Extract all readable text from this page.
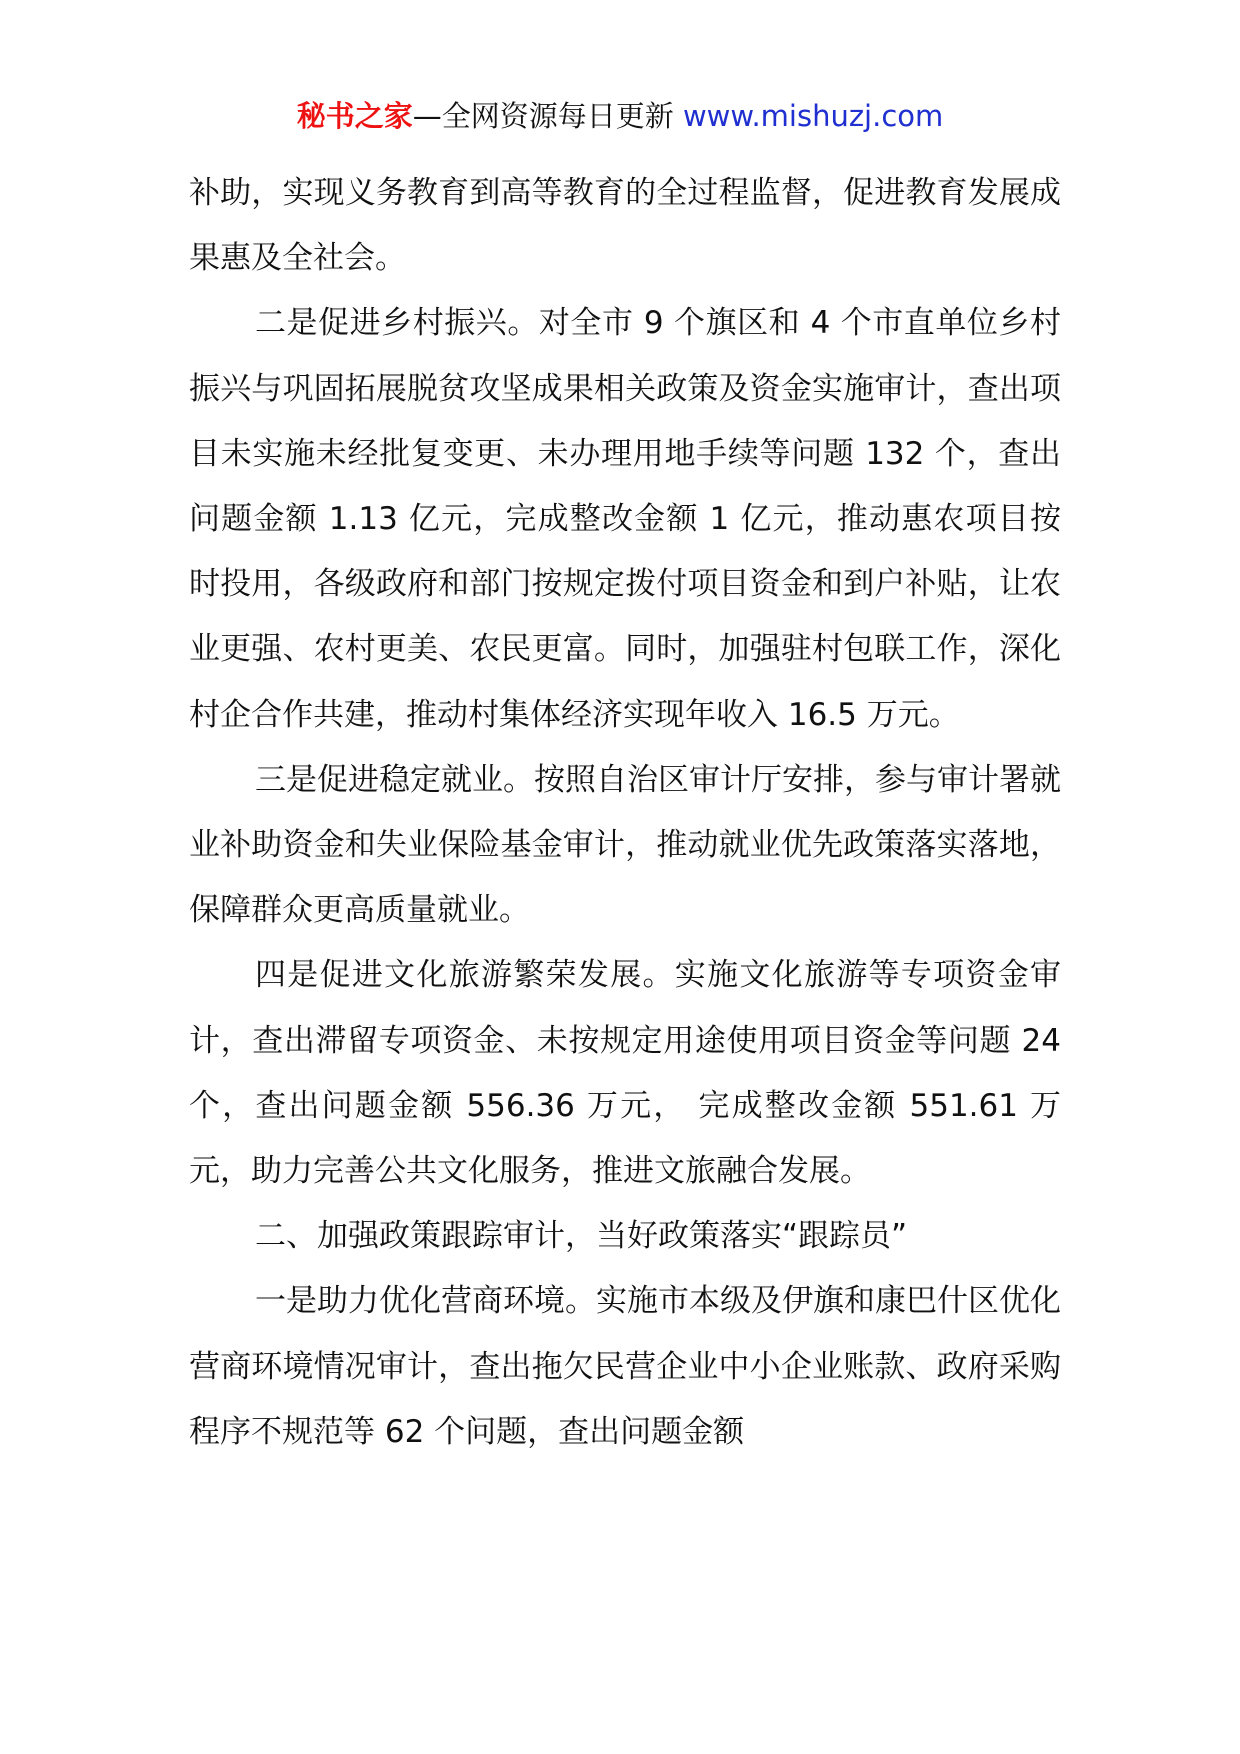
秘书之家—全网资源每日更新 www.mishuzj.com

补助，实现义务教育到高等教育的全过程监督，促进教育发展成果惠及全社会。

二是促进乡村振兴。对全市 9 个旗区和 4 个市直单位乡村振兴与巩固拓展脱贫攻坚成果相关政策及资金实施审计，查出项目未实施未经批复变更、未办理用地手续等问题 132 个，查出问题金额 1.13 亿元，完成整改金额 1 亿元，推动惠农项目按时投用，各级政府和部门按规定拨付项目资金和到户补贴，让农业更强、农村更美、农民更富。同时，加强驻村包联工作，深化村企合作共建，推动村集体经济实现年收入 16.5 万元。

三是促进稳定就业。按照自治区审计厅安排，参与审计署就业补助资金和失业保险基金审计，推动就业优先政策落实落地，保障群众更高质量就业。

四是促进文化旅游繁荣发展。实施文化旅游等专项资金审计，查出滞留专项资金、未按规定用途使用项目资金等问题 24 个，查出问题金额 556.36 万元， 完成整改金额 551.61 万元，助力完善公共文化服务，推进文旅融合发展。

二、加强政策跟踪审计，当好政策落实“跟踪员”

一是助力优化营商环境。实施市本级及伊旗和康巴什区优化营商环境情况审计，查出拖欠民营企业中小企业账款、政府采购程序不规范等 62 个问题，查出问题金额
